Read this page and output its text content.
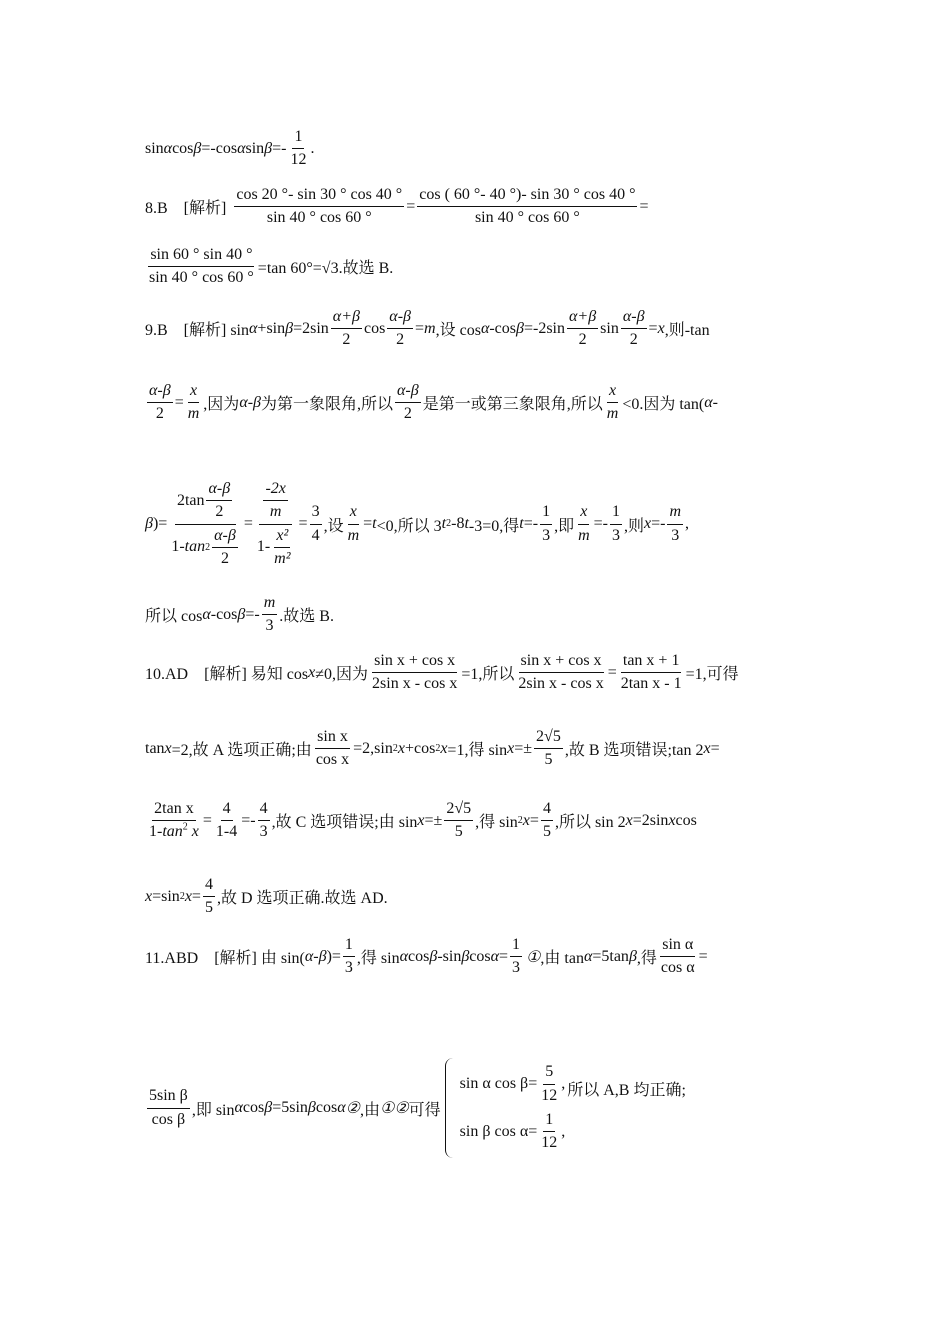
sin α cos β =-cos α $\sin \beta =- \frac{1}{12}$ .
8.B　[解析] $\frac{\cos 20 ^\circ- \sin 30 ^\circ \cos 40 ^\circ}{\sin 40 ^\circ \cos 60 ^\circ} = \frac{\cos ( 60 ^\circ- 40 ^\circ)- \sin 30 ^\circ \cos 40 ^\circ}{\sin 40 ^\circ \cos 60 ^\circ}$ =
$\frac{\sin 60 ^\circ \sin 40 ^\circ}{\sin 40 ^\circ \cos 60 ^\circ} =\tan$ 60°=√3.故选 B.
9.B　[解析] sin α +sin $\beta =2\sin \frac{\alpha+\beta}{2}$ $\cos \frac{\alpha-\beta}{2} = m$ ,设 cos α -cos $\beta =-2\sin \frac{\alpha+\beta}{2}$ $\sin \frac{\alpha-\beta}{2} = x$ ,则-tan
$\frac{\alpha-\beta}{2} = \frac{x}{m}$ ,因为 α-β 为第一象限角,所以 $\frac{\alpha-\beta}{2}$ 是第一或第三象限角,所以 $\frac{x}{m} <0$.因为 tan( α-
β )= $\frac{2\tan \frac{\alpha-\beta}{2}}{1- \tan 2 \frac{\alpha-\beta}{2}} = \frac{\frac{-2x}{m}}{1- \frac{\text{x²}}{\text{m²}}} = \frac{3}{4}$ ,设 $\frac{x}{m} = t <0$,所以 3 t 2 -8 t -3=0,得 $t =- \frac{1}{3}$ ,即 $\frac{x}{m} =- \frac{1}{3}$ ,则 $x =- \frac{m}{3}$ ,
所以 cos α -cos $\beta =- \frac{m}{3}$ .故选 B.
10.AD　[解析] 易知 cos x ≠0,因为 $\frac{\text{sin x + cos x}}{\text{2sin x - cos x}} =1$,所以 $\frac{\text{sin x + cos x}}{\text{2sin x - cos x}} = \frac{\text{tan x + 1}}{\text{2tan x - 1}} =1$,可得
tan x =2,故 A 选项正确;由 $\frac{\text{sin x}}{\text{cos x}} =2,\sin$ 2 x +cos 2 x =1,得 $\sin x =\pm \frac{2√5}{5}$ ,故 B 选项错误;tan 2 x =
$\frac{\text{2tan x}}{1-\tan^2 x} = \frac{4}{1-4} =- \frac{4}{3}$ ,故 C 选项错误;由 $\sin x =\pm \frac{2√5}{5}$ ,得 sin 2 $x = \frac{4}{5}$ ,所以 sin 2 x =2sin x cos
x =sin 2 $x = \frac{4}{5}$ ,故 D 选项正确.故选 AD.
11.ABD　[解析] 由 sin( α-β )= $\frac{1}{3}$ ,得 sin α cos β -sin β $\cos \alpha = \frac{1}{3}$ ① ,由 tan α =5tan β ,得 $\frac{\text{sin α}}{\text{cos α}}$ =
$\frac{\text{5sin β}}{\text{cos β}}$ ,即 sin α cos β =5sin β cos α ② ,由 ①② 可得
sin α $\cos \beta= \frac{5}{12}$ ,
sin β $\cos \alpha= \frac{1}{12}$ ,
所以 A,B 均正确;
